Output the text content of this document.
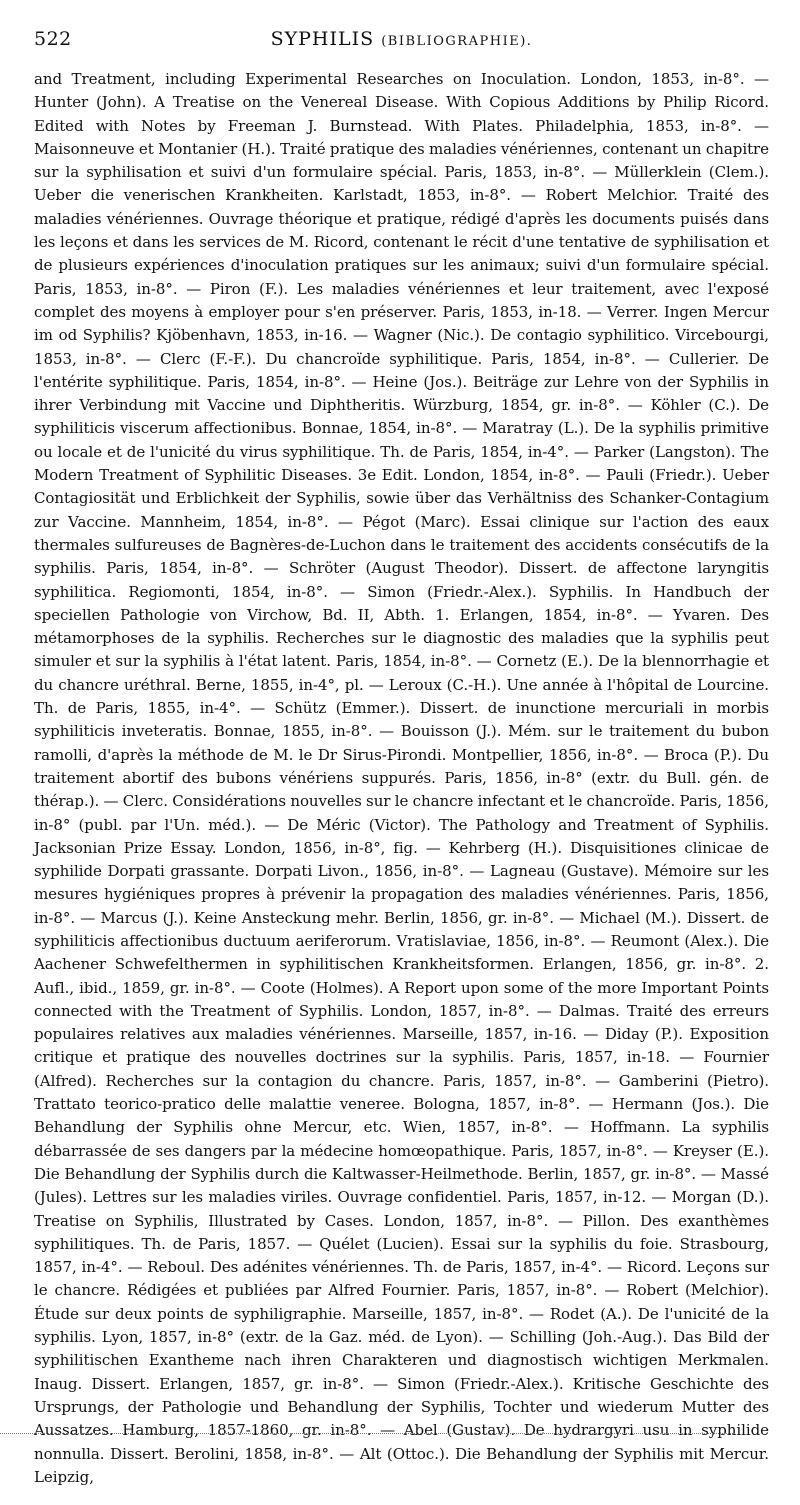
522	SYPHILIS (BIBLIOGRAPHIE).
and Treatment, including Experimental Researches on Inoculation. London, 1853, in-8°. — Hunter (John). A Treatise on the Venereal Disease. With Copious Additions by Philip Ricord. Edited with Notes by Freeman J. Burnstead. With Plates. Philadelphia, 1853, in-8°. — Maisonneuve et Montanier (H.). Traité pratique des maladies vénériennes, contenant un chapitre sur la syphilisation et suivi d'un formulaire spécial. Paris, 1853, in-8°. — Müllerklein (Clem.). Ueber die venerischen Krankheiten. Karlstadt, 1853, in-8°. — Robert Melchior. Traité des maladies vénériennes. Ouvrage théorique et pratique, rédigé d'après les documents puisés dans les leçons et dans les services de M. Ricord, contenant le récit d'une tentative de syphilisation et de plusieurs expériences d'inoculation pratiques sur les animaux; suivi d'un formulaire spécial. Paris, 1853, in-8°. — Piron (F.). Les maladies vénériennes et leur traitement, avec l'exposé complet des moyens à employer pour s'en préserver. Paris, 1853, in-18. — Verrer. Ingen Mercur im od Syphilis? Kjöbenhavn, 1853, in-16. — Wagner (Nic.). De contagio syphilitico. Vircebourgi, 1853, in-8°. — Clerc (F.-F.). Du chancroïde syphilitique. Paris, 1854, in-8°. — Cullerier. De l'entérite syphilitique. Paris, 1854, in-8°. — Heine (Jos.). Beiträge zur Lehre von der Syphilis in ihrer Verbindung mit Vaccine und Diphtheritis. Würzburg, 1854, gr. in-8°. — Köhler (C.). De syphiliticis viscerum affectionibus. Bonnae, 1854, in-8°. — Maratray (L.). De la syphilis primitive ou locale et de l'unicité du virus syphilitique. Th. de Paris, 1854, in-4°. — Parker (Langston). The Modern Treatment of Syphilitic Diseases. 3e Edit. London, 1854, in-8°. — Pauli (Friedr.). Ueber Contagiosität und Erblichkeit der Syphilis, sowie über das Verhältniss des Schanker-Contagium zur Vaccine. Mannheim, 1854, in-8°. — Pégot (Marc). Essai clinique sur l'action des eaux thermales sulfureuses de Bagnères-de-Luchon dans le traitement des accidents consécutifs de la syphilis. Paris, 1854, in-8°. — Schröter (August Theodor). Dissert. de affectone laryngitis syphilitica. Regiomonti, 1854, in-8°. — Simon (Friedr.-Alex.). Syphilis. In Handbuch der speciellen Pathologie von Virchow, Bd. II, Abth. 1. Erlangen, 1854, in-8°. — Yvaren. Des métamorphoses de la syphilis. Recherches sur le diagnostic des maladies que la syphilis peut simuler et sur la syphilis à l'état latent. Paris, 1854, in-8°. — Cornetz (E.). De la blennorrhagie et du chancre uréthral. Berne, 1855, in-4°, pl. — Leroux (C.-H.). Une année à l'hôpital de Lourcine. Th. de Paris, 1855, in-4°. — Schütz (Emmer.). Dissert. de inunctione mercuriali in morbis syphiliticis inveteratis. Bonnae, 1855, in-8°. — Bouisson (J.). Mém. sur le traitement du bubon ramolli, d'après la méthode de M. le Dr Sirus-Pirondi. Montpellier, 1856, in-8°. — Broca (P.). Du traitement abortif des bubons vénériens suppurés. Paris, 1856, in-8° (extr. du Bull. gén. de thérap.). — Clerc. Considérations nouvelles sur le chancre infectant et le chancroïde. Paris, 1856, in-8° (publ. par l'Un. méd.). — De Méric (Victor). The Pathology and Treatment of Syphilis. Jacksonian Prize Essay. London, 1856, in-8°, fig. — Kehrberg (H.). Disquisitiones clinicae de syphilide Dorpati grassante. Dorpati Livon., 1856, in-8°. — Lagneau (Gustave). Mémoire sur les mesures hygiéniques propres à prévenir la propagation des maladies vénériennes. Paris, 1856, in-8°. — Marcus (J.). Keine Ansteckung mehr. Berlin, 1856, gr. in-8°. — Michael (M.). Dissert. de syphiliticis affectionibus ductuum aeriferorum. Vratislaviae, 1856, in-8°. — Reumont (Alex.). Die Aachener Schwefelthermen in syphilitischen Krankheitsformen. Erlangen, 1856, gr. in-8°. 2. Aufl., ibid., 1859, gr. in-8°. — Coote (Holmes). A Report upon some of the more Important Points connected with the Treatment of Syphilis. London, 1857, in-8°. — Dalmas. Traité des erreurs populaires relatives aux maladies vénériennes. Marseille, 1857, in-16. — Diday (P.). Exposition critique et pratique des nouvelles doctrines sur la syphilis. Paris, 1857, in-18. — Fournier (Alfred). Recherches sur la contagion du chancre. Paris, 1857, in-8°. — Gamberini (Pietro). Trattato teorico-pratico delle malattie veneree. Bologna, 1857, in-8°. — Hermann (Jos.). Die Behandlung der Syphilis ohne Mercur, etc. Wien, 1857, in-8°. — Hoffmann. La syphilis débarrassée de ses dangers par la médecine homœopathique. Paris, 1857, in-8°. — Kreyser (E.). Die Behandlung der Syphilis durch die Kaltwasser-Heilmethode. Berlin, 1857, gr. in-8°. — Massé (Jules). Lettres sur les maladies viriles. Ouvrage confidentiel. Paris, 1857, in-12. — Morgan (D.). Treatise on Syphilis, Illustrated by Cases. London, 1857, in-8°. — Pillon. Des exanthèmes syphilitiques. Th. de Paris, 1857. — Quélet (Lucien). Essai sur la syphilis du foie. Strasbourg, 1857, in-4°. — Reboul. Des adénites vénériennes. Th. de Paris, 1857, in-4°. — Ricord. Leçons sur le chancre. Rédigées et publiées par Alfred Fournier. Paris, 1857, in-8°. — Robert (Melchior). Étude sur deux points de syphiligraphie. Marseille, 1857, in-8°. — Rodet (A.). De l'unicité de la syphilis. Lyon, 1857, in-8° (extr. de la Gaz. méd. de Lyon). — Schilling (Joh.-Aug.). Das Bild der syphilitischen Exantheme nach ihren Charakteren und diagnostisch wichtigen Merkmalen. Inaug. Dissert. Erlangen, 1857, gr. in-8°. — Simon (Friedr.-Alex.). Kritische Geschichte des Ursprungs, der Pathologie und Behandlung der Syphilis, Tochter und wiederum Mutter des Aussatzes. Hamburg, 1857-1860, gr. in-8°. — Abel (Gustav). De hydrargyri usu in syphilide nonnulla. Dissert. Berolini, 1858, in-8°. — Alt (Ottoc.). Die Behandlung der Syphilis mit Mercur. Leipzig,
